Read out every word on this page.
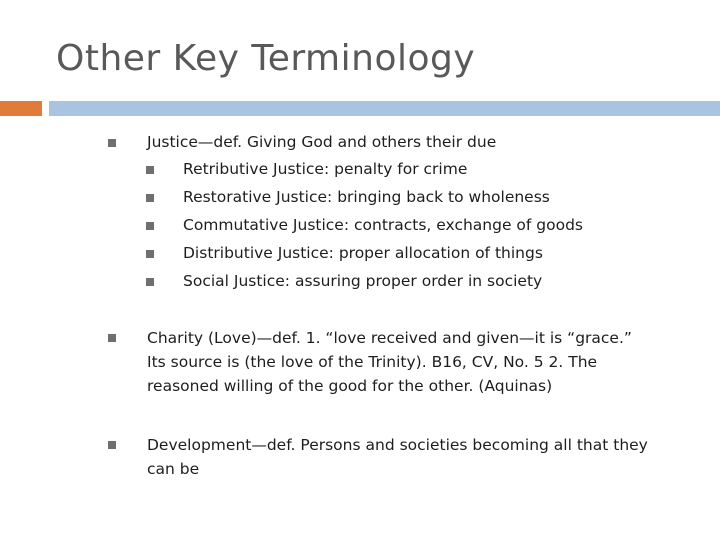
Other Key Terminology
Justice—def. Giving God and others their due
Retributive Justice: penalty for crime
Restorative Justice: bringing back to wholeness
Commutative Justice: contracts, exchange of goods
Distributive Justice: proper allocation of things
Social Justice: assuring proper order in society
Charity (Love)—def. 1. “love received and given—it is “grace.”
Its source is (the love of the Trinity). B16, CV, No. 5 2. The
reasoned willing of the good for the other. (Aquinas)
Development—def. Persons and societies becoming all that they
can be
